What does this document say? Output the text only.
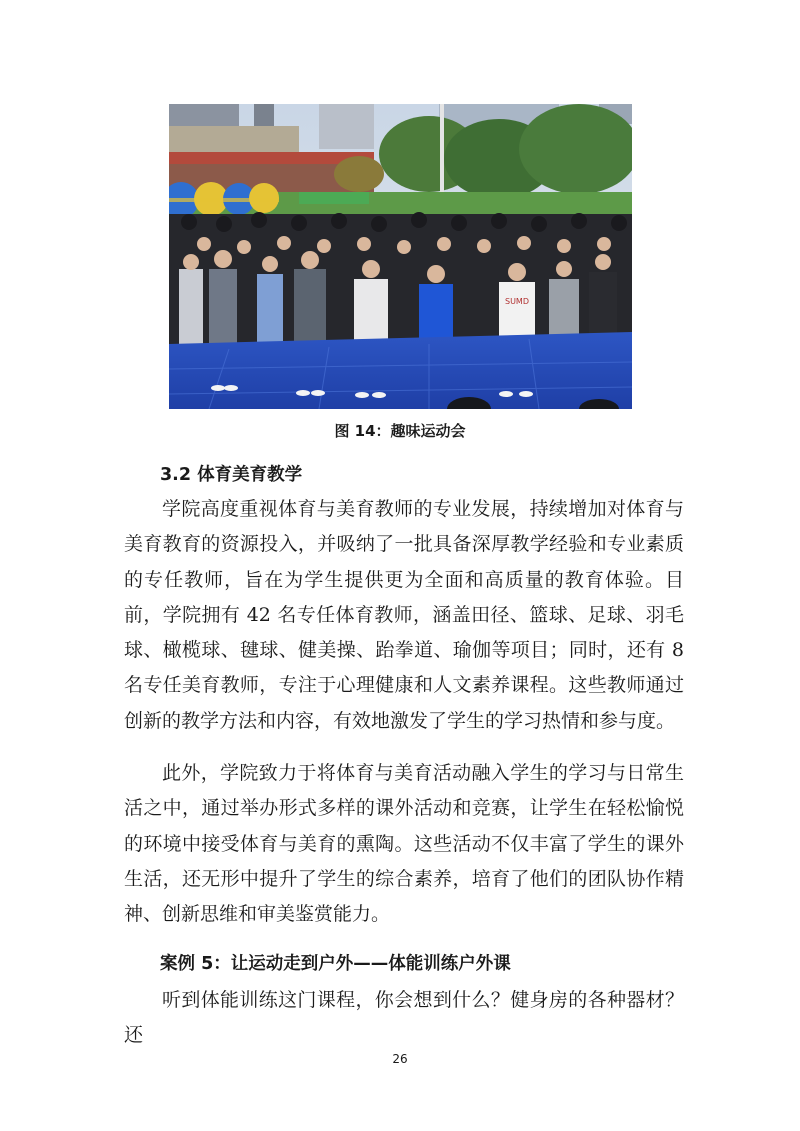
SUMD
图 14：趣味运动会
3.2 体育美育教学

学院高度重视体育与美育教师的专业发展，持续增加对体育与美育教育的资源投入，并吸纳了一批具备深厚教学经验和专业素质的专任教师，旨在为学生提供更为全面和高质量的教育体验。目前，学院拥有 42 名专任体育教师，涵盖田径、篮球、足球、羽毛球、橄榄球、毽球、健美操、跆拳道、瑜伽等项目；同时，还有 8 名专任美育教师，专注于心理健康和人文素养课程。这些教师通过创新的教学方法和内容，有效地激发了学生的学习热情和参与度。

此外，学院致力于将体育与美育活动融入学生的学习与日常生活之中，通过举办形式多样的课外活动和竞赛，让学生在轻松愉悦的环境中接受体育与美育的熏陶。这些活动不仅丰富了学生的课外生活，还无形中提升了学生的综合素养，培育了他们的团队协作精神、创新思维和审美鉴赏能力。

案例 5：让运动走到户外——体能训练户外课

听到体能训练这门课程，你会想到什么？健身房的各种器材？还

26
